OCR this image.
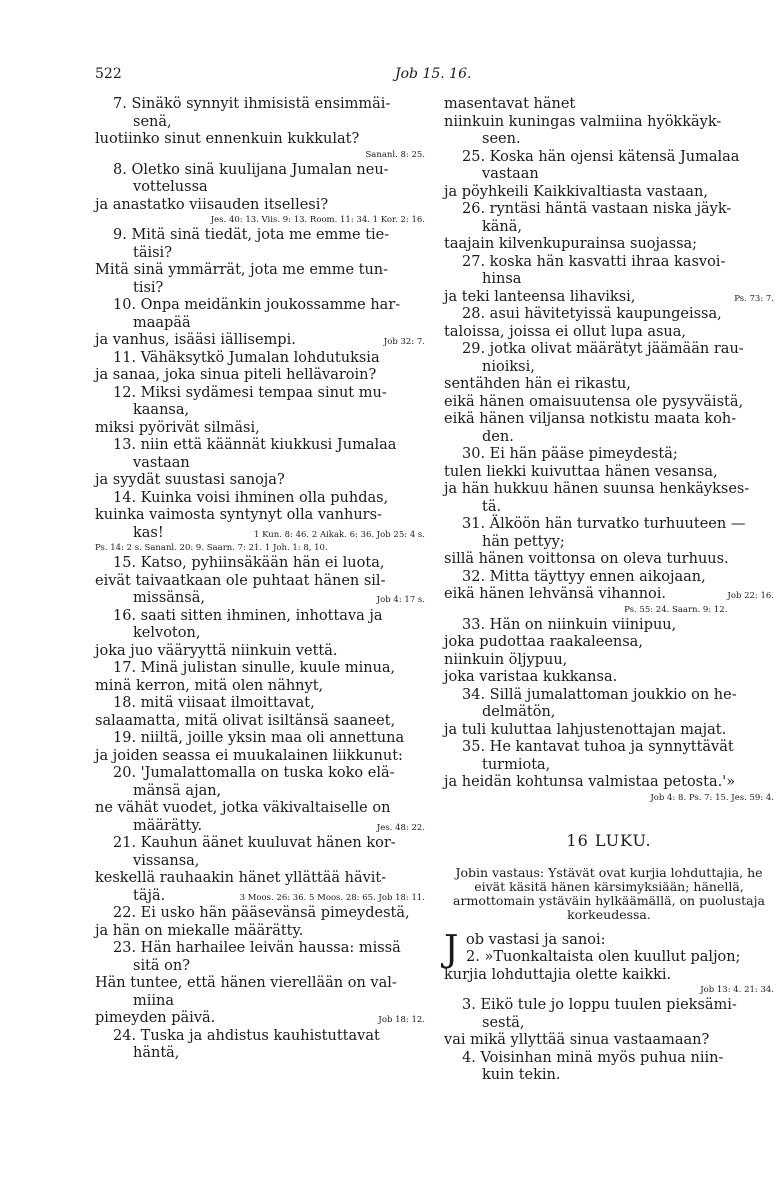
522	Job 15. 16.
7. Sinäkö synnyit ihmisistä ensimmäi-
senä,
luotiinko sinut ennenkuin kukkulat?
Sananl. 8: 25.
8. Oletko sinä kuulijana Jumalan neu-
vottelussa
ja anastatko viisauden itsellesi?
Jes. 40: 13. Viis. 9: 13. Room. 11: 34. 1 Kor. 2: 16.
9. Mitä sinä tiedät, jota me emme tie-
täisi?
Mitä sinä ymmärrät, jota me emme tun-
tisi?
10. Onpa meidänkin joukossamme har-
maapää
Job 32: 7.
ja vanhus, isääsi iällisempi.
11. Vähäksytkö Jumalan lohdutuksia
ja sanaa, joka sinua piteli hellävaroin?
12. Miksi sydämesi tempaa sinut mu-
kaansa,
miksi pyörivät silmäsi,
13. niin että käännät kiukkusi Jumalaa
vastaan
ja syydät suustasi sanoja?
14. Kuinka voisi ihminen olla puhdas,
kuinka vaimosta syntynyt olla vanhurs-
1 Kun. 8: 46. 2 Aikak. 6: 36. Job 25: 4 s.
kas!
Ps. 14: 2 s. Sananl. 20: 9. Saarn. 7: 21. 1 Joh. 1: 8, 10.
15. Katso, pyhiinsäkään hän ei luota,
eivät taivaatkaan ole puhtaat hänen sil-
Job 4: 17 s.
missänsä,
16. saati sitten ihminen, inhottava ja
kelvoton,
joka juo vääryyttä niinkuin vettä.
17. Minä julistan sinulle, kuule minua,
minä kerron, mitä olen nähnyt,
18. mitä viisaat ilmoittavat,
salaamatta, mitä olivat isiltänsä saaneet,
19. niiltä, joille yksin maa oli annettuna
ja joiden seassa ei muukalainen liikkunut:
20. 'Jumalattomalla on tuska koko elä-
mänsä ajan,
ne vähät vuodet, jotka väkivaltaiselle on
Jes. 48: 22.
määrätty.
21. Kauhun äänet kuuluvat hänen kor-
vissansa,
keskellä rauhaakin hänet yllättää hävit-
3 Moos. 26: 36. 5 Moos. 28: 65. Job 18: 11.
täjä.
22. Ei usko hän pääsevänsä pimeydestä,
ja hän on miekalle määrätty.
23. Hän harhailee leivän haussa: missä
sitä on?
Hän tuntee, että hänen vierellään on val-
miina
Job 18: 12.
pimeyden päivä.
24. Tuska ja ahdistus kauhistuttavat
häntä,
masentavat hänet
niinkuin kuningas valmiina hyökkäyk-
seen.
25. Koska hän ojensi kätensä Jumalaa
vastaan
ja pöyhkeili Kaikkivaltiasta vastaan,
26. ryntäsi häntä vastaan niska jäyk-
känä,
taajain kilvenkupurainsa suojassa;
27. koska hän kasvatti ihraa kasvoi-
hinsa
Ps. 73: 7.
ja teki lanteensa lihaviksi,
28. asui hävitetyissä kaupungeissa,
taloissa, joissa ei ollut lupa asua,
29. jotka olivat määrätyt jäämään rau-
nioiksi,
sentähden hän ei rikastu,
eikä hänen omaisuutensa ole pysyväistä,
eikä hänen viljansa notkistu maata koh-
den.
30. Ei hän pääse pimeydestä;
tulen liekki kuivuttaa hänen vesansa,
ja hän hukkuu hänen suunsa henkäykses-
tä.
31. Älköön hän turvatko turhuuteen —
hän pettyy;
sillä hänen voittonsa on oleva turhuus.
32. Mitta täyttyy ennen aikojaan,
Job 22: 16.
eikä hänen lehvänsä vihannoi.
Ps. 55: 24. Saarn. 9: 12.
33. Hän on niinkuin viinipuu,
joka pudottaa raakaleensa,
niinkuin öljypuu,
joka varistaa kukkansa.
34. Sillä jumalattoman joukkio on he-
delmätön,
ja tuli kuluttaa lahjustenottajan majat.
35. He kantavat tuhoa ja synnyttävät
turmiota,
ja heidän kohtunsa valmistaa petosta.'»
Job 4: 8. Ps. 7: 15. Jes. 59: 4.
16 LUKU.
Jobin vastaus: Ystävät ovat kurjia lohduttajia, he eivät käsitä hänen kärsimyksiään; hänellä, armottomain ystäväin hylkäämällä, on puolustaja korkeudessa.
J ob vastasi ja sanoi:
2. »Tuonkaltaista olen kuullut paljon;
kurjia lohduttajia olette kaikki.
Job 13: 4. 21: 34.
3. Eikö tule jo loppu tuulen pieksämi-
sestä,
vai mikä yllyttää sinua vastaamaan?
4. Voisinhan minä myös puhua niin-
kuin tekin.
